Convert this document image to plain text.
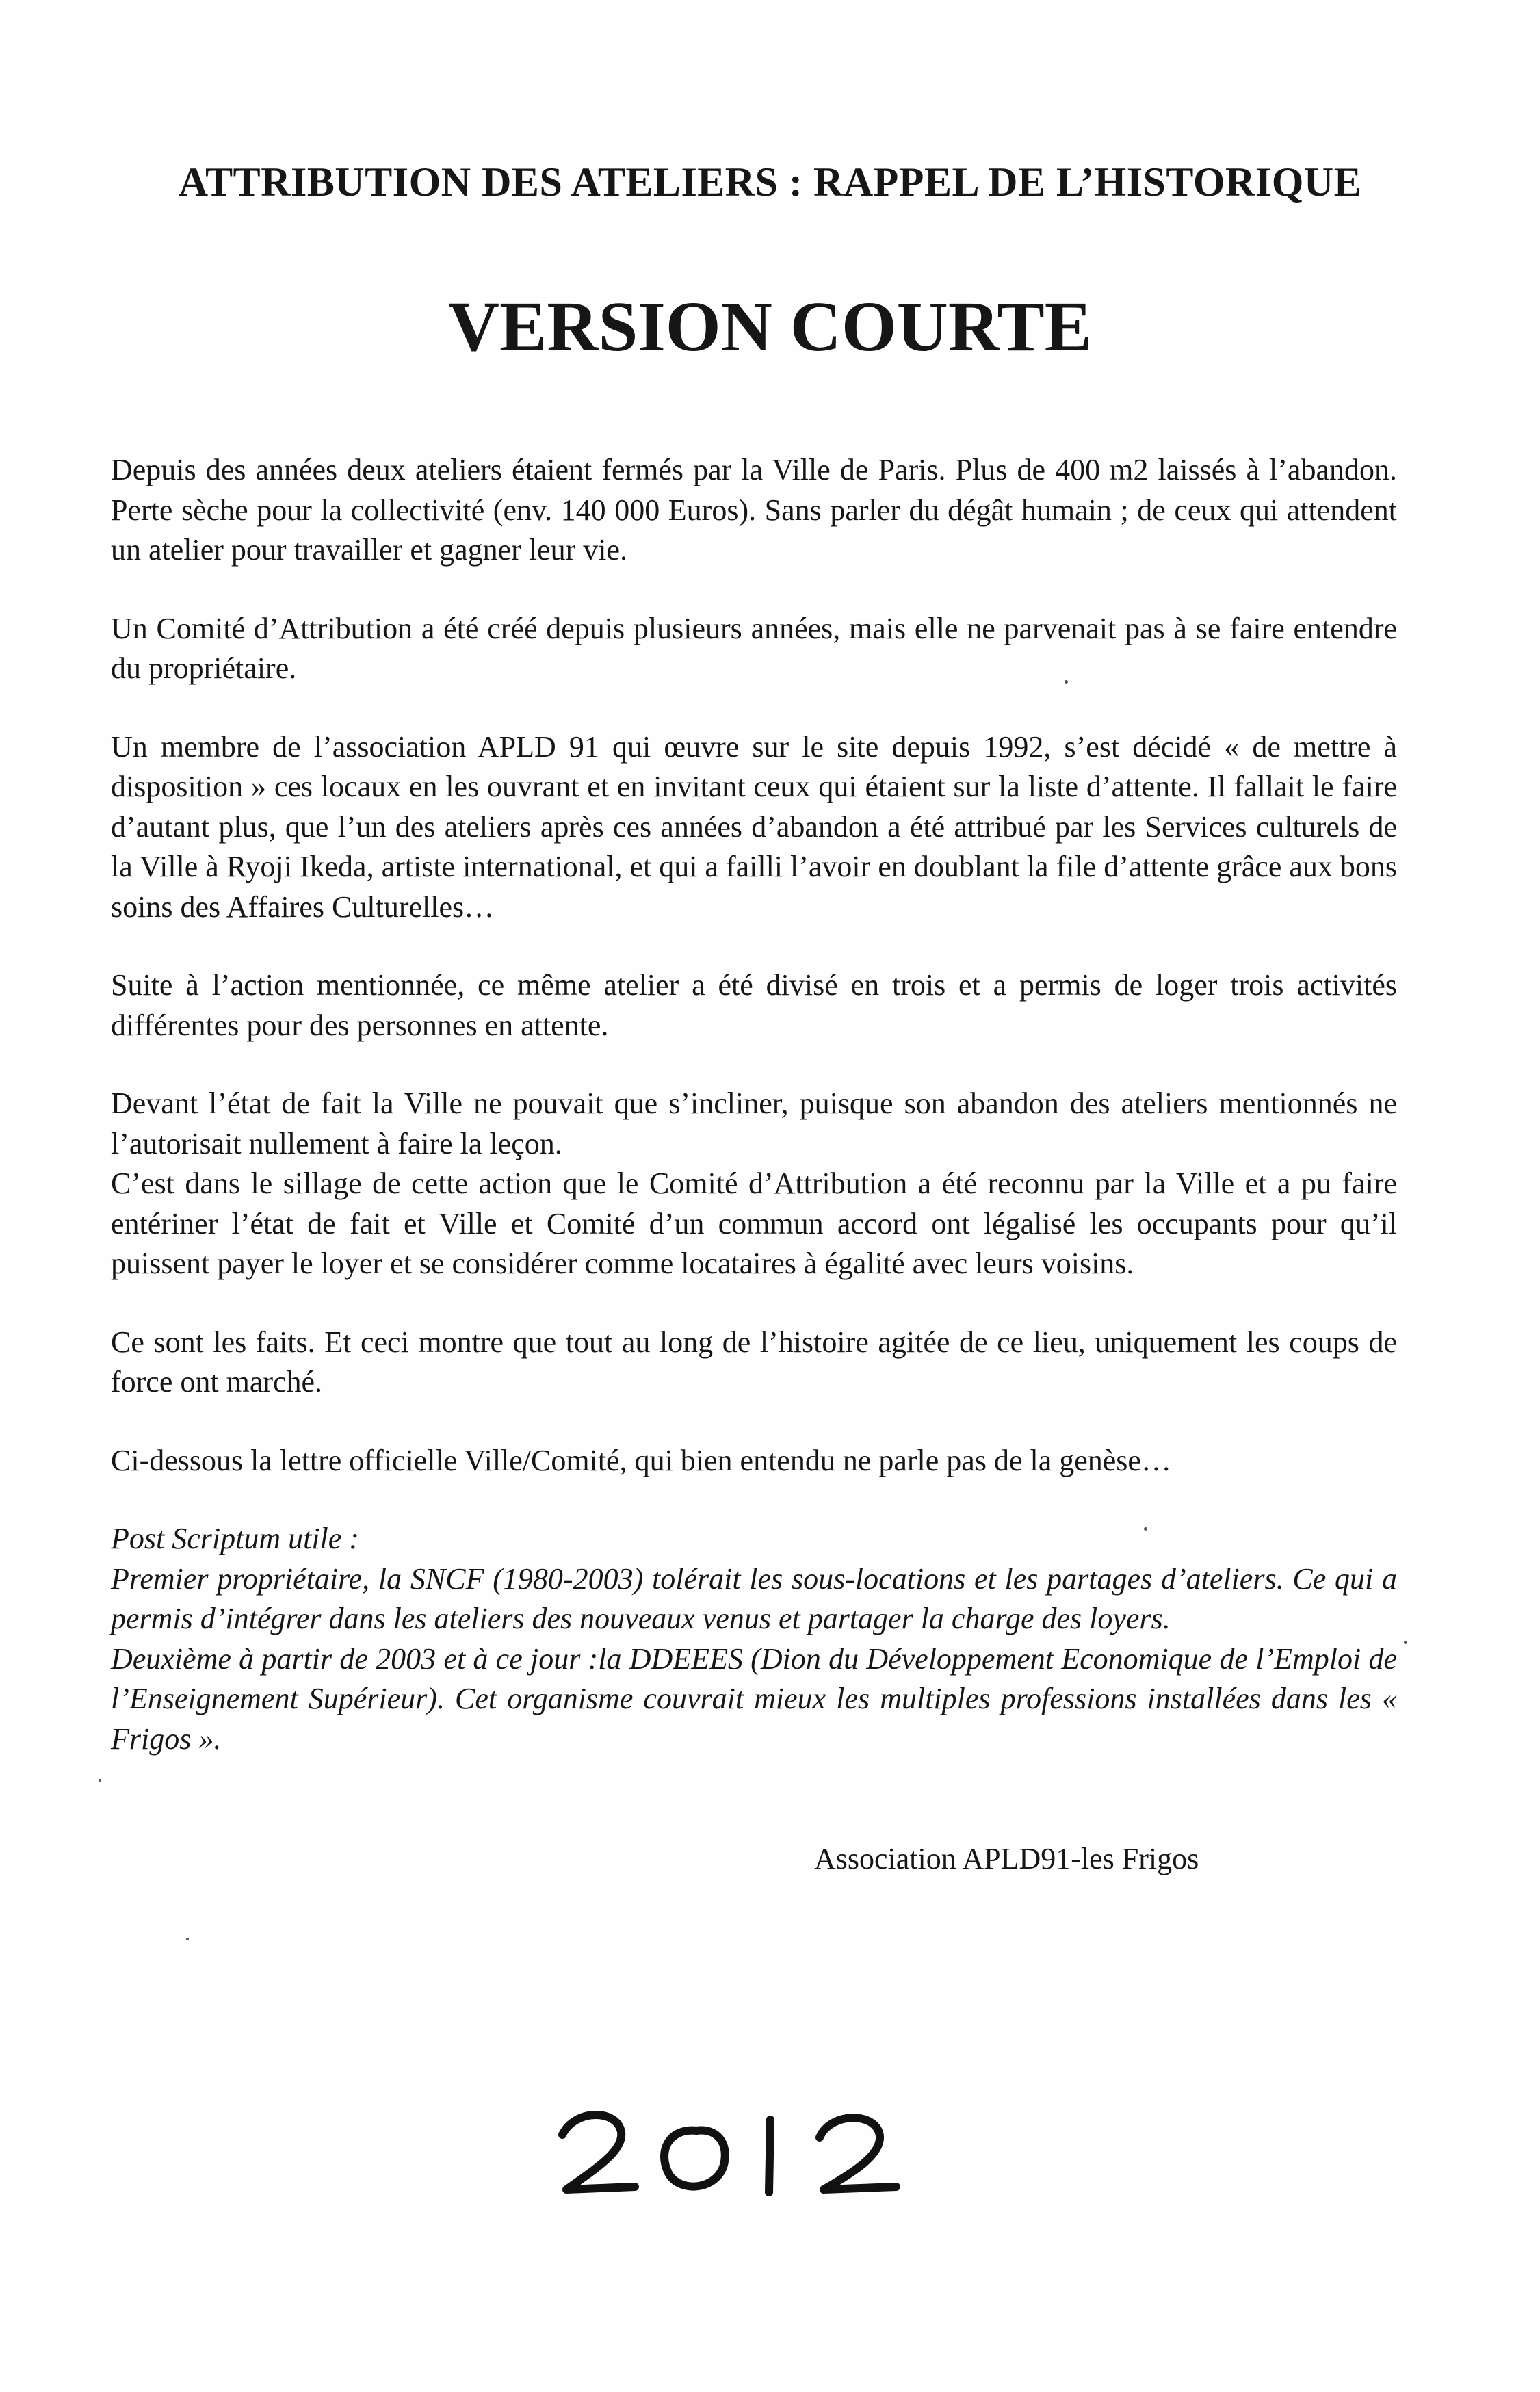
ATTRIBUTION DES ATELIERS : RAPPEL DE L’HISTORIQUE
VERSION COURTE

Depuis des années deux ateliers étaient fermés par la Ville de Paris. Plus de 400 m2 laissés à l’abandon. Perte sèche pour la collectivité (env. 140 000 Euros). Sans parler du dégât humain ; de ceux qui attendent un atelier pour travailler et gagner leur vie.

Un Comité d’Attribution a été créé depuis plusieurs années, mais elle ne parvenait pas à se faire entendre du propriétaire.

Un membre de l’association APLD 91 qui œuvre sur le site depuis 1992, s’est décidé « de mettre à disposition » ces locaux en les ouvrant et en invitant ceux qui étaient sur la liste d’attente. Il fallait le faire d’autant plus, que l’un des ateliers après ces années d’abandon a été attribué par les Services culturels de la Ville à Ryoji Ikeda, artiste international, et qui a failli l’avoir en doublant la file d’attente grâce aux bons soins des Affaires Culturelles…

Suite à l’action mentionnée, ce même atelier a été divisé en trois et a permis de loger trois activités différentes pour des personnes en attente.

Devant l’état de fait la Ville ne pouvait que s’incliner, puisque son abandon des ateliers mentionnés ne l’autorisait nullement à faire la leçon.

C’est dans le sillage de cette action que le Comité d’Attribution a été reconnu par la Ville et a pu faire entériner l’état de fait et Ville et Comité d’un commun accord ont légalisé les occupants pour qu’il puissent payer le loyer et se considérer comme locataires à égalité avec leurs voisins.

Ce sont les faits. Et ceci montre que tout au long de l’histoire agitée de ce lieu, uniquement les coups de force ont marché.

Ci-dessous la lettre officielle Ville/Comité, qui bien entendu ne parle pas de la genèse…

Post Scriptum utile :

Premier propriétaire, la SNCF (1980-2003) tolérait les sous-locations et les partages d’ateliers. Ce qui a permis d’intégrer dans les ateliers des nouveaux venus et partager la charge des loyers.

Deuxième à partir de 2003 et à ce jour :la DDEEES (Dion du Développement Economique de l’Emploi de l’Enseignement Supérieur). Cet organisme couvrait mieux les multiples professions installées dans les « Frigos ».

Association APLD91-les Frigos
